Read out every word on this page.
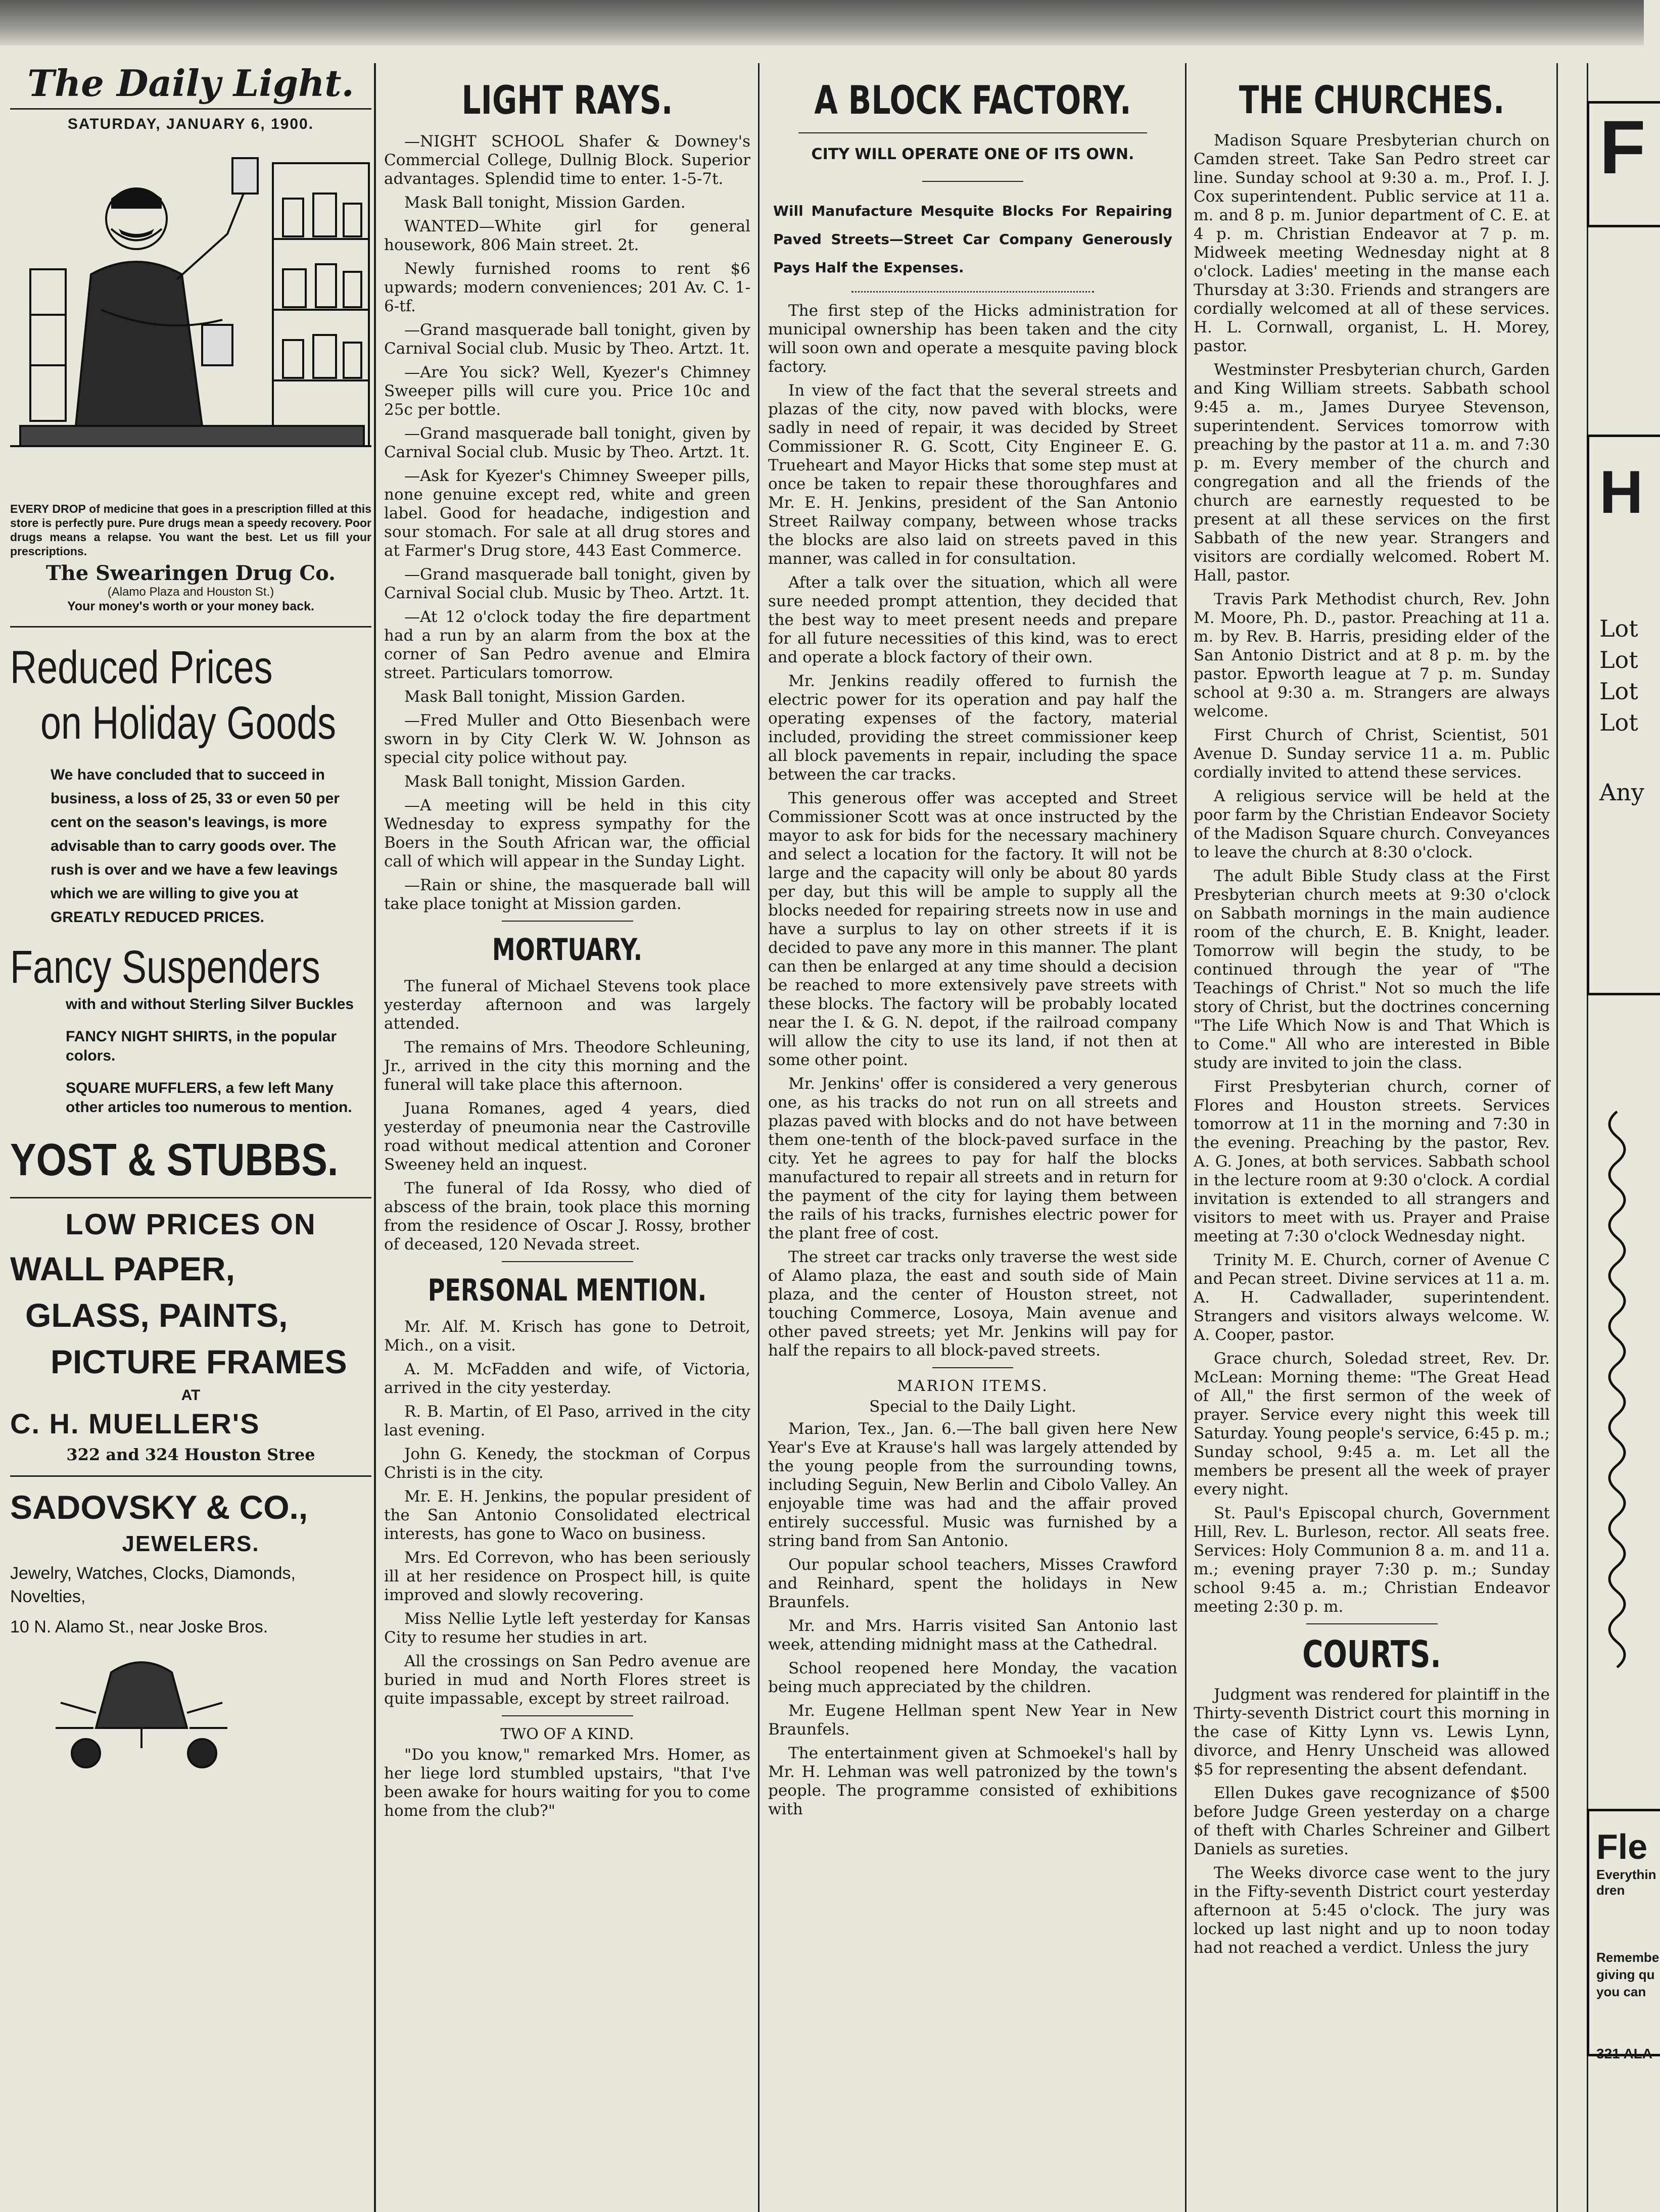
The Daily Light.
SATURDAY, JANUARY 6, 1900.

EVERY DROP of medicine that goes in a prescription filled at this store is perfectly pure. Pure drugs mean a speedy recovery. Poor drugs means a relapse. You want the best. Let us fill your prescriptions.

The Swearingen Drug Co.
(Alamo Plaza and Houston St.)
Your money's worth or your money back.
Reduced Prices
on Holiday Goods

We have concluded that to succeed in business, a loss of 25, 33 or even 50 per cent on the season's leavings, is more advisable than to carry goods over. The rush is over and we have a few leavings which we are willing to give you at GREATLY REDUCED PRICES.

Fancy Suspenders
with and without Sterling Silver Buckles
FANCY NIGHT SHIRTS, in the popular colors.
SQUARE MUFFLERS, a few left Many other articles too numerous to mention.
YOST & STUBBS.
LOW PRICES ON
WALL PAPER,
GLASS, PAINTS,
PICTURE FRAMES
AT
C. H. MUELLER'S
322 and 324 Houston Stree
SADOVSKY & CO.,
JEWELERS.
Jewelry, Watches, Clocks, Diamonds, Novelties,
10 N. Alamo St., near Joske Bros.
LIGHT RAYS.

—NIGHT SCHOOL Shafer & Downey's Commercial College, Dullnig Block. Superior advantages. Splendid time to enter. 1-5-7t.

Mask Ball tonight, Mission Garden.

WANTED—White girl for general housework, 806 Main street. 2t.

Newly furnished rooms to rent $6 upwards; modern conveniences; 201 Av. C. 1-6-tf.

—Grand masquerade ball tonight, given by Carnival Social club. Music by Theo. Artzt. 1t.

—Are You sick? Well, Kyezer's Chimney Sweeper pills will cure you. Price 10c and 25c per bottle.

—Grand masquerade ball tonight, given by Carnival Social club. Music by Theo. Artzt. 1t.

—Ask for Kyezer's Chimney Sweeper pills, none genuine except red, white and green label. Good for headache, indigestion and sour stomach. For sale at all drug stores and at Farmer's Drug store, 443 East Commerce.

—Grand masquerade ball tonight, given by Carnival Social club. Music by Theo. Artzt. 1t.

—At 12 o'clock today the fire department had a run by an alarm from the box at the corner of San Pedro avenue and Elmira street. Particulars tomorrow.

Mask Ball tonight, Mission Garden.

—Fred Muller and Otto Biesenbach were sworn in by City Clerk W. W. Johnson as special city police without pay.

Mask Ball tonight, Mission Garden.

—A meeting will be held in this city Wednesday to express sympathy for the Boers in the South African war, the official call of which will appear in the Sunday Light.

—Rain or shine, the masquerade ball will take place tonight at Mission garden.

MORTUARY.

The funeral of Michael Stevens took place yesterday afternoon and was largely attended.

The remains of Mrs. Theodore Schleuning, Jr., arrived in the city this morning and the funeral will take place this afternoon.

Juana Romanes, aged 4 years, died yesterday of pneumonia near the Castroville road without medical attention and Coroner Sweeney held an inquest.

The funeral of Ida Rossy, who died of abscess of the brain, took place this morning from the residence of Oscar J. Rossy, brother of deceased, 120 Nevada street.

PERSONAL MENTION.

Mr. Alf. M. Krisch has gone to Detroit, Mich., on a visit.

A. M. McFadden and wife, of Victoria, arrived in the city yesterday.

R. B. Martin, of El Paso, arrived in the city last evening.

John G. Kenedy, the stockman of Corpus Christi is in the city.

Mr. E. H. Jenkins, the popular president of the San Antonio Consolidated electrical interests, has gone to Waco on business.

Mrs. Ed Correvon, who has been seriously ill at her residence on Prospect hill, is quite improved and slowly recovering.

Miss Nellie Lytle left yesterday for Kansas City to resume her studies in art.

All the crossings on San Pedro avenue are buried in mud and North Flores street is quite impassable, except by street railroad.

TWO OF A KIND.

"Do you know," remarked Mrs. Homer, as her liege lord stumbled upstairs, "that I've been awake for hours waiting for you to come home from the club?"

A BLOCK FACTORY.
CITY WILL OPERATE ONE OF ITS OWN.
Will Manufacture Mesquite Blocks For Repairing Paved Streets—Street Car Company Generously Pays Half the Expenses.

The first step of the Hicks administration for municipal ownership has been taken and the city will soon own and operate a mesquite paving block factory.

In view of the fact that the several streets and plazas of the city, now paved with blocks, were sadly in need of repair, it was decided by Street Commissioner R. G. Scott, City Engineer E. G. Trueheart and Mayor Hicks that some step must at once be taken to repair these thoroughfares and Mr. E. H. Jenkins, president of the San Antonio Street Railway company, between whose tracks the blocks are also laid on streets paved in this manner, was called in for consultation.

After a talk over the situation, which all were sure needed prompt attention, they decided that the best way to meet present needs and prepare for all future necessities of this kind, was to erect and operate a block factory of their own.

Mr. Jenkins readily offered to furnish the electric power for its operation and pay half the operating expenses of the factory, material included, providing the street commissioner keep all block pavements in repair, including the space between the car tracks.

This generous offer was accepted and Street Commissioner Scott was at once instructed by the mayor to ask for bids for the necessary machinery and select a location for the factory. It will not be large and the capacity will only be about 80 yards per day, but this will be ample to supply all the blocks needed for repairing streets now in use and have a surplus to lay on other streets if it is decided to pave any more in this manner. The plant can then be enlarged at any time should a decision be reached to more extensively pave streets with these blocks. The factory will be probably located near the I. & G. N. depot, if the railroad company will allow the city to use its land, if not then at some other point.

Mr. Jenkins' offer is considered a very generous one, as his tracks do not run on all streets and plazas paved with blocks and do not have between them one-tenth of the block-paved surface in the city. Yet he agrees to pay for half the blocks manufactured to repair all streets and in return for the payment of the city for laying them between the rails of his tracks, furnishes electric power for the plant free of cost.

The street car tracks only traverse the west side of Alamo plaza, the east and south side of Main plaza, and the center of Houston street, not touching Commerce, Losoya, Main avenue and other paved streets; yet Mr. Jenkins will pay for half the repairs to all block-paved streets.

MARION ITEMS.
Special to the Daily Light.

Marion, Tex., Jan. 6.—The ball given here New Year's Eve at Krause's hall was largely attended by the young people from the surrounding towns, including Seguin, New Berlin and Cibolo Valley. An enjoyable time was had and the affair proved entirely successful. Music was furnished by a string band from San Antonio.

Our popular school teachers, Misses Crawford and Reinhard, spent the holidays in New Braunfels.

Mr. and Mrs. Harris visited San Antonio last week, attending midnight mass at the Cathedral.

School reopened here Monday, the vacation being much appreciated by the children.

Mr. Eugene Hellman spent New Year in New Braunfels.

The entertainment given at Schmoekel's hall by Mr. H. Lehman was well patronized by the town's people. The programme consisted of exhibitions with

THE CHURCHES.

Madison Square Presbyterian church on Camden street. Take San Pedro street car line. Sunday school at 9:30 a. m., Prof. I. J. Cox superintendent. Public service at 11 a. m. and 8 p. m. Junior department of C. E. at 4 p. m. Christian Endeavor at 7 p. m. Midweek meeting Wednesday night at 8 o'clock. Ladies' meeting in the manse each Thursday at 3:30. Friends and strangers are cordially welcomed at all of these services. H. L. Cornwall, organist, L. H. Morey, pastor.

Westminster Presbyterian church, Garden and King William streets. Sabbath school 9:45 a. m., James Duryee Stevenson, superintendent. Services tomorrow with preaching by the pastor at 11 a. m. and 7:30 p. m. Every member of the church and congregation and all the friends of the church are earnestly requested to be present at all these services on the first Sabbath of the new year. Strangers and visitors are cordially welcomed. Robert M. Hall, pastor.

Travis Park Methodist church, Rev. John M. Moore, Ph. D., pastor. Preaching at 11 a. m. by Rev. B. Harris, presiding elder of the San Antonio District and at 8 p. m. by the pastor. Epworth league at 7 p. m. Sunday school at 9:30 a. m. Strangers are always welcome.

First Church of Christ, Scientist, 501 Avenue D. Sunday service 11 a. m. Public cordially invited to attend these services.

A religious service will be held at the poor farm by the Christian Endeavor Society of the Madison Square church. Conveyances to leave the church at 8:30 o'clock.

The adult Bible Study class at the First Presbyterian church meets at 9:30 o'clock on Sabbath mornings in the main audience room of the church, E. B. Knight, leader. Tomorrow will begin the study, to be continued through the year of "The Teachings of Christ." Not so much the life story of Christ, but the doctrines concerning "The Life Which Now is and That Which is to Come." All who are interested in Bible study are invited to join the class.

First Presbyterian church, corner of Flores and Houston streets. Services tomorrow at 11 in the morning and 7:30 in the evening. Preaching by the pastor, Rev. A. G. Jones, at both services. Sabbath school in the lecture room at 9:30 o'clock. A cordial invitation is extended to all strangers and visitors to meet with us. Prayer and Praise meeting at 7:30 o'clock Wednesday night.

Trinity M. E. Church, corner of Avenue C and Pecan street. Divine services at 11 a. m. A. H. Cadwallader, superintendent. Strangers and visitors always welcome. W. A. Cooper, pastor.

Grace church, Soledad street, Rev. Dr. McLean: Morning theme: "The Great Head of All," the first sermon of the week of prayer. Service every night this week till Saturday. Young people's service, 6:45 p. m.; Sunday school, 9:45 a. m. Let all the members be present all the week of prayer every night.

St. Paul's Episcopal church, Government Hill, Rev. L. Burleson, rector. All seats free. Services: Holy Communion 8 a. m. and 11 a. m.; evening prayer 7:30 p. m.; Sunday school 9:45 a. m.; Christian Endeavor meeting 2:30 p. m.

COURTS.

Judgment was rendered for plaintiff in the Thirty-seventh District court this morning in the case of Kitty Lynn vs. Lewis Lynn, divorce, and Henry Unscheid was allowed $5 for representing the absent defendant.

Ellen Dukes gave recognizance of $500 before Judge Green yesterday on a charge of theft with Charles Schreiner and Gilbert Daniels as sureties.

The Weeks divorce case went to the jury in the Fifty-seventh District court yesterday afternoon at 5:45 o'clock. The jury was locked up last night and up to noon today had not reached a verdict. Unless the jury

F
H
Lot
Lot
Lot
Lot
Any
Fle
Everythin
dren
Remembe
giving qu
you can
321 ALA
